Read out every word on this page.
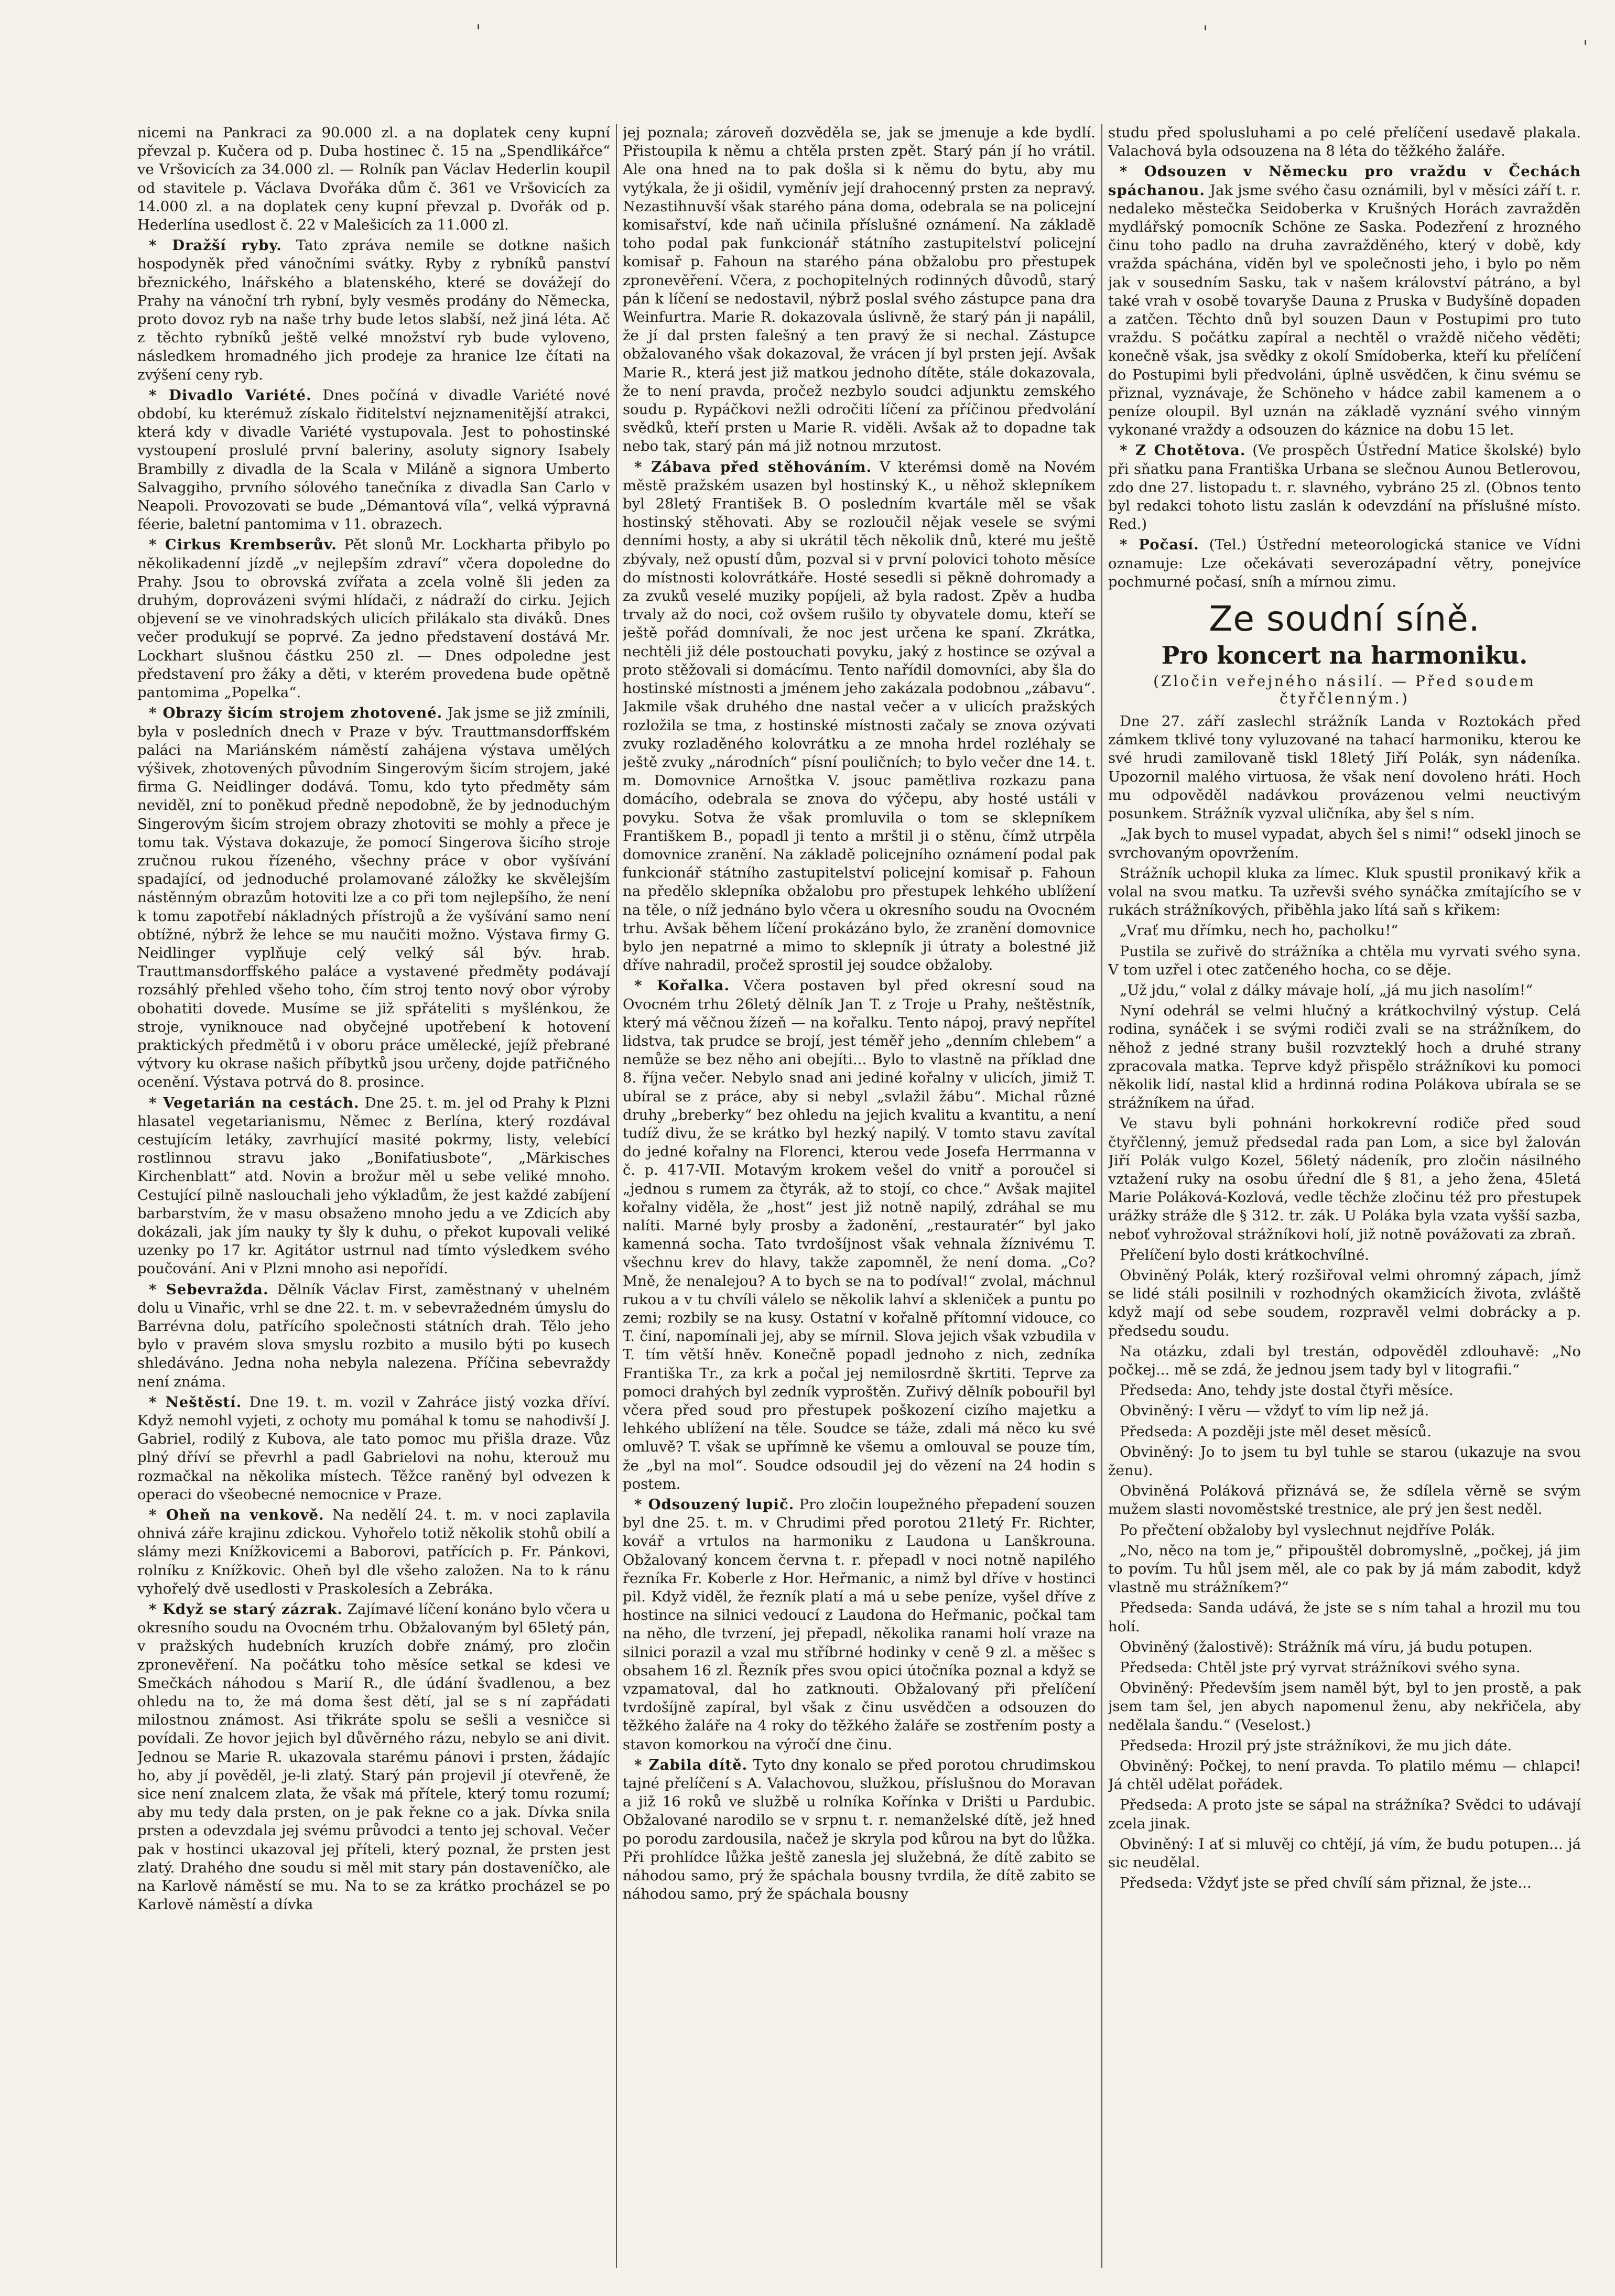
'	'
'

nicemi na Pankraci za 90.000 zl. a na doplatek ceny kupní převzal p. Kučera od p. Duba hostinec č. 15 na „Spendlikářce“ ve Vršovicích za 34.000 zl. — Rolník pan Václav Hederlin koupil od stavitele p. Václava Dvořáka dům č. 361 ve Vršovicích za 14.000 zl. a na doplatek ceny kupní převzal p. Dvořák od p. Hederlína usedlost č. 22 v Malešicích za 11.000 zl.

* Dražší ryby. Tato zpráva nemile se dotkne našich hospodyněk před vánočními svátky. Ryby z rybníků panství březnického, lnářského a blatenského, které se dovážejí do Prahy na vánoční trh rybní, byly vesměs prodány do Německa, proto dovoz ryb na naše trhy bude letos slabší, než jiná léta. Ač z těchto rybníků ještě velké množství ryb bude vyloveno, následkem hromadného jich prodeje za hranice lze čítati na zvýšení ceny ryb.

* Divadlo Variété. Dnes počíná v divadle Variété nové období, ku kterémuž získalo řiditelství nejznamenitější atrakci, která kdy v divadle Variété vystupovala. Jest to pohostinské vystoupení proslulé první baleriny, asoluty signory Isabely Brambilly z divadla de la Scala v Miláně a signora Umberto Salvaggiho, prvního sólového tanečníka z divadla San Carlo v Neapoli. Provozovati se bude „Démantová víla“, velká výpravná féerie, baletní pantomima v 11. obrazech.

* Cirkus Krembserův. Pět slonů Mr. Lockharta přibylo po několikadenní jízdě „v nejlepším zdraví“ včera dopoledne do Prahy. Jsou to obrovská zvířata a zcela volně šli jeden za druhým, doprovázeni svými hlídači, z nádraží do cirku. Jejich objevení se ve vinohradských ulicích přilákalo sta diváků. Dnes večer produkují se poprvé. Za jedno představení dostává Mr. Lockhart slušnou částku 250 zl. — Dnes odpoledne jest představení pro žáky a děti, v kterém provedena bude opětně pantomima „Popelka“.

* Obrazy šicím strojem zhotovené. Jak jsme se již zmínili, byla v posledních dnech v Praze v býv. Trauttmansdorffském paláci na Mariánském náměstí zahájena výstava umělých výšivek, zhotovených původním Singerovým šicím strojem, jaké firma G. Neidlinger dodává. Tomu, kdo tyto předměty sám neviděl, zní to poněkud předně nepodobně, že by jednoduchým Singerovým šicím strojem obrazy zhotoviti se mohly a přece je tomu tak. Výstava dokazuje, že pomocí Singerova šicího stroje zručnou rukou řízeného, všechny práce v obor vyšívání spadající, od jednoduché prolamované záložky ke skvělejším nástěnným obrazům hotoviti lze a co při tom nejlepšího, že není k tomu zapotřebí nákladných přístrojů a že vyšívání samo není obtížné, nýbrž že lehce se mu naučiti možno. Výstava firmy G. Neidlinger vyplňuje celý velký sál býv. hrab. Trauttmansdorffského paláce a vystavené předměty podávají rozsáhlý přehled všeho toho, čím stroj tento nový obor výroby obohatiti dovede. Musíme se již spřáteliti s myšlénkou, že stroje, vyniknouce nad obyčejné upotřebení k hotovení praktických předmětů i v oboru práce umělecké, jejíž přebrané výtvory ku okrase našich příbytků jsou určeny, dojde patřičného ocenění. Výstava potrvá do 8. prosince.

* Vegetarián na cestách. Dne 25. t. m. jel od Prahy k Plzni hlasatel vegetarianismu, Němec z Berlína, který rozdával cestujícím letáky, zavrhující masité pokrmy, listy, velebící rostlinnou stravu jako „Bonifatiusbote“, „Märkisches Kirchenblatt“ atd. Novin a brožur měl u sebe veliké mnoho. Cestující pilně naslouchali jeho výkladům, že jest každé zabíjení barbarstvím, že v masu obsaženo mnoho jedu a ve Zdicích aby dokázali, jak jím nauky ty šly k duhu, o překot kupovali veliké uzenky po 17 kr. Agitátor ustrnul nad tímto výsledkem svého poučování. Ani v Plzni mnoho asi nepořídí.

* Sebevražda. Dělník Václav First, zaměstnaný v uhelném dolu u Vinařic, vrhl se dne 22. t. m. v sebevražedném úmyslu do Barrévna dolu, patřícího společnosti státních drah. Tělo jeho bylo v pravém slova smyslu rozbito a musilo býti po kusech shledáváno. Jedna noha nebyla nalezena. Příčina sebevraždy není známa.

* Neštěstí. Dne 19. t. m. vozil v Zahráce jistý vozka dříví. Když nemohl vyjeti, z ochoty mu pomáhal k tomu se nahodivší J. Gabriel, rodilý z Kubova, ale tato pomoc mu přišla draze. Vůz plný dříví se převrhl a padl Gabrielovi na nohu, kterouž mu rozmačkal na několika místech. Těžce raněný byl odvezen k operaci do všeobecné nemocnice v Praze.

* Oheň na venkově. Na nedělí 24. t. m. v noci zaplavila ohnivá záře krajinu zdickou. Vyhořelo totiž několik stohů obilí a slámy mezi Knížkovicemi a Baborovi, patřících p. Fr. Pánkovi, rolníku z Knížkovic. Oheň byl dle všeho založen. Na to k ránu vyhořelý dvě usedlosti v Praskolesích a Zebráka.

* Když se starý zázrak. Zajímavé líčení konáno bylo včera u okresního soudu na Ovocném trhu. Obžalovaným byl 65letý pán, v pražských hudebních kruzích dobře známý, pro zločin zpronevěření. Na počátku toho měsíce setkal se kdesi ve Smečkách náhodou s Marií R., dle údání švadlenou, a bez ohledu na to, že má doma šest dětí, jal se s ní zapřádati milostnou známost. Asi třikráte spolu se sešli a vesničce si povídali. Ze hovor jejich byl důvěrného rázu, nebylo se ani divit. Jednou se Marie R. ukazovala starému pánovi i prsten, žádajíc ho, aby jí pověděl, je-li zlatý. Starý pán projevil jí otevřeně, že sice není znalcem zlata, že však má přítele, který tomu rozumí; aby mu tedy dala prsten, on je pak řekne co a jak. Dívka snila prsten a odevzdala jej svému průvodci a tento jej schoval. Večer pak v hostinci ukazoval jej příteli, který poznal, že prsten jest zlatý. Drahého dne soudu si měl mit stary pán dostaveníčko, ale na Karlově náměstí se mu. Na to se za krátko procházel se po Karlově náměstí a dívka

jej poznala; zároveň dozvěděla se, jak se jmenuje a kde bydlí. Přistoupila k němu a chtěla prsten zpět. Starý pán jí ho vrátil. Ale ona hned na to pak došla si k němu do bytu, aby mu vytýkala, že ji ošidil, vyměnív její drahocenný prsten za nepravý. Nezastihnuvší však starého pána doma, odebrala se na policejní komisařství, kde naň učinila příslušné oznámení. Na základě toho podal pak funkcionář státního zastupitelství policejní komisař p. Fahoun na starého pána obžalobu pro přestupek zpronevěření. Včera, z pochopitelných rodinných důvodů, starý pán k líčení se nedostavil, nýbrž poslal svého zástupce pana dra Weinfurtra. Marie R. dokazovala úslivně, že starý pán ji napálil, že jí dal prsten falešný a ten pravý že si nechal. Zástupce obžalovaného však dokazoval, že vrácen jí byl prsten její. Avšak Marie R., která jest již matkou jednoho dítěte, stále dokazovala, že to není pravda, pročež nezbylo soudci adjunktu zemského soudu p. Rypáčkovi nežli odročiti líčení za příčinou předvolání svědků, kteří prsten u Marie R. viděli. Avšak až to dopadne tak nebo tak, starý pán má již notnou mrzutost.

* Zábava před stěhováním. V kterémsi domě na Novém městě pražském usazen byl hostinský K., u něhož sklepníkem byl 28letý František B. O posledním kvartále měl se však hostinský stěhovati. Aby se rozloučil nějak vesele se svými denními hosty, a aby si ukrátil těch několik dnů, které mu ještě zbývaly, než opustí dům, pozval si v první polovici tohoto měsíce do místnosti kolovrátkáře. Hosté sesedli si pěkně dohromady a za zvuků veselé muziky popíjeli, až byla radost. Zpěv a hudba trvaly až do noci, což ovšem rušilo ty obyvatele domu, kteří se ještě pořád domnívali, že noc jest určena ke spaní. Zkrátka, nechtěli již déle postouchati povyku, jaký z hostince se ozýval a proto stěžovali si domácímu. Tento nařídil domovníci, aby šla do hostinské místnosti a jménem jeho zakázala podobnou „zábavu“. Jakmile však druhého dne nastal večer a v ulicích pražských rozložila se tma, z hostinské místnosti začaly se znova ozývati zvuky rozladěného kolovrátku a ze mnoha hrdel rozléhaly se ještě zvuky „národních“ písní pouličních; to bylo večer dne 14. t. m. Domovnice Arnoštka V. jsouc pamětliva rozkazu pana domácího, odebrala se znova do výčepu, aby hosté ustáli v povyku. Sotva že však promluvila o tom se sklepníkem Františkem B., popadl ji tento a mrštil ji o stěnu, čímž utrpěla domovnice zranění. Na základě policejního oznámení podal pak funkcionář státního zastupitelství policejní komisař p. Fahoun na předělo sklepníka obžalobu pro přestupek lehkého ublížení na těle, o níž jednáno bylo včera u okresního soudu na Ovocném trhu. Avšak během líčení prokázáno bylo, že zranění domovnice bylo jen nepatrné a mimo to sklepník ji útraty a bolestné již dříve nahradil, pročež sprostil jej soudce obžaloby.

* Kořalka. Včera postaven byl před okresní soud na Ovocném trhu 26letý dělník Jan T. z Troje u Prahy, neštěstník, který má věčnou žízeň — na kořalku. Tento nápoj, pravý nepřítel lidstva, tak prudce se brojí, jest téměř jeho „denním chlebem“ a nemůže se bez něho ani obejíti... Bylo to vlastně na příklad dne 8. října večer. Nebylo snad ani jediné kořalny v ulicích, jimiž T. ubíral se z práce, aby si nebyl „svlažil žábu“. Michal různé druhy „breberky“ bez ohledu na jejich kvalitu a kvantitu, a není tudíž divu, že se krátko byl hezký napilý. V tomto stavu zavítal do jedné kořalny na Florenci, kterou vede Josefa Herrmanna v č. p. 417-VII. Motavým krokem vešel do vnitř a poroučel si „jednou s rumem za čtyrák, až to stojí, co chce.“ Avšak majitel kořalny viděla, že „host“ jest již notně napilý, zdráhal se mu nalíti. Marné byly prosby a žadonění, „restauratér“ byl jako kamenná socha. Tato tvrdošíjnost však vehnala žíznivému T. všechnu krev do hlavy, takže zapomněl, že není doma. „Co? Mně, že nenalejou? A to bych se na to podíval!“ zvolal, máchnul rukou a v tu chvíli válelo se několik lahví a skleniček a puntu po zemi; rozbily se na kusy. Ostatní v kořalně přítomní vidouce, co T. činí, napomínali jej, aby se mírnil. Slova jejich však vzbudila v T. tím větší hněv. Konečně popadl jednoho z nich, zedníka Františka Tr., za krk a počal jej nemilosrdně škrtiti. Teprve za pomoci drahých byl zedník vyproštěn. Zuřivý dělník pobouřil byl včera před soud pro přestupek poškození cizího majetku a lehkého ublížení na těle. Soudce se táže, zdali má něco ku své omluvě? T. však se upřímně ke všemu a omlouval se pouze tím, že „byl na mol“. Soudce odsoudil jej do vězení na 24 hodin s postem.

* Odsouzený lupič. Pro zločin loupežného přepadení souzen byl dne 25. t. m. v Chrudimi před porotou 21letý Fr. Richter, kovář a vrtulos na harmoniku z Laudona u Lanškrouna. Obžalovaný koncem června t. r. přepadl v noci notně napilého řezníka Fr. Koberle z Hor. Heřmanic, a nimž byl dříve v hostinci pil. Když viděl, že řezník platí a má u sebe peníze, vyšel dříve z hostince na silnici vedoucí z Laudona do Heřmanic, počkal tam na něho, dle tvrzení, jej přepadl, několika ranami holí vraze na silnici porazil a vzal mu stříbrné hodinky v ceně 9 zl. a měšec s obsahem 16 zl. Řezník přes svou opici útočníka poznal a když se vzpamatoval, dal ho zatknouti. Obžalovaný při přelíčení tvrdošíjně zapíral, byl však z činu usvědčen a odsouzen do těžkého žaláře na 4 roky do těžkého žaláře se zostřením posty a stavon komorkou na výročí dne činu.

* Zabila dítě. Tyto dny konalo se před porotou chrudimskou tajné přelíčení s A. Valachovou, služkou, příslušnou do Moravan a již 16 roků ve službě u rolníka Kořínka v Drišti u Pardubic. Obžalované narodilo se v srpnu t. r. nemanželské dítě, jež hned po porodu zardousila, načež je skryla pod kůrou na byt do lůžka. Při prohlídce lůžka ještě zanesla jej služebná, že dítě zabito se náhodou samo, prý že spáchala bousny tvrdila, že dítě zabito se náhodou samo, prý že spáchala bousny

studu před spolusluhami a po celé přelíčení usedavě plakala. Valachová byla odsouzena na 8 léta do těžkého žaláře.

* Odsouzen v Německu pro vraždu v Čechách spáchanou. Jak jsme svého času oznámili, byl v měsíci září t. r. nedaleko městečka Seidoberka v Krušných Horách zavražděn mydlářský pomocník Schöne ze Saska. Podezření z hrozného činu toho padlo na druha zavražděného, který v době, kdy vražda spáchána, viděn byl ve společnosti jeho, i bylo po něm jak v sousedním Sasku, tak v našem království pátráno, a byl také vrah v osobě tovaryše Dauna z Pruska v Budyšíně dopaden a zatčen. Těchto dnů byl souzen Daun v Postupimi pro tuto vraždu. S počátku zapíral a nechtěl o vraždě ničeho věděti; konečně však, jsa svědky z okolí Smídoberka, kteří ku přelíčení do Postupimi byli předvoláni, úplně usvědčen, k činu svému se přiznal, vyznávaje, že Schöneho v hádce zabil kamenem a o peníze oloupil. Byl uznán na základě vyznání svého vinným vykonané vraždy a odsouzen do káznice na dobu 15 let.

* Z Chotětova. (Ve prospěch Ústřední Matice školské) bylo při sňatku pana Františka Urbana se slečnou Aunou Betlerovou, zdo dne 27. listopadu t. r. slavného, vybráno 25 zl. (Obnos tento byl redakci tohoto listu zaslán k odevzdání na příslušné místo. Red.)

* Počasí. (Tel.) Ústřední meteorologická stanice ve Vídni oznamuje: Lze očekávati severozápadní větry, ponejvíce pochmurné počasí, sníh a mírnou zimu.

Ze soudní síně.
Pro koncert na harmoniku.
(Zločin veřejného násilí. — Před soudem čtyřčlenným.)

Dne 27. září zaslechl strážník Landa v Roztokách před zámkem tklivé tony vyluzované na tahací harmoniku, kterou ke své hrudi zamilovaně tiskl 18letý Jiří Polák, syn nádeníka. Upozornil malého virtuosa, že však není dovoleno hráti. Hoch mu odpověděl nadávkou provázenou velmi neuctivým posunkem. Strážník vyzval uličníka, aby šel s ním.

„Jak bych to musel vypadat, abych šel s nimi!“ odsekl jinoch se svrchovaným opovržením.

Strážník uchopil kluka za límec. Kluk spustil pronikavý křik a volal na svou matku. Ta uzřevši svého synáčka zmítajícího se v rukách strážníkových, přiběhla jako lítá saň s křikem:

„Vrať mu dřímku, nech ho, pacholku!“

Pustila se zuřivě do strážníka a chtěla mu vyrvati svého syna. V tom uzřel i otec zatčeného hocha, co se děje.

„Už jdu,“ volal z dálky mávaje holí, „já mu jich nasolím!“

Nyní odehrál se velmi hlučný a krátkochvilný výstup. Celá rodina, synáček i se svými rodiči zvali se na strážníkem, do něhož z jedné strany bušil rozvzteklý hoch a druhé strany zpracovala matka. Teprve když přispělo strážníkovi ku pomoci několik lidí, nastal klid a hrdinná rodina Polákova ubírala se se strážníkem na úřad.

Ve stavu byli pohnáni horkokrevní rodiče před soud čtyřčlenný, jemuž předsedal rada pan Lom, a sice byl žalován Jiří Polák vulgo Kozel, 56letý nádeník, pro zločin násilného vztažení ruky na osobu úřední dle § 81, a jeho žena, 45letá Marie Poláková-Kozlová, vedle těchže zločinu též pro přestupek urážky stráže dle § 312. tr. zák. U Poláka byla vzata vyšší sazba, neboť vyhrožoval strážníkovi holí, již notně povážovati za zbraň.

Přelíčení bylo dosti krátkochvílné.

Obviněný Polák, který rozšiřoval velmi ohromný zápach, jímž se lidé stáli posilnili v rozhodných okamžicích života, zvláště když mají od sebe soudem, rozpravěl velmi dobrácky a p. předsedu soudu.

Na otázku, zdali byl trestán, odpověděl zdlouhavě: „No počkej... mě se zdá, že jednou jsem tady byl v litografii.“

Předseda: Ano, tehdy jste dostal čtyři měsíce.

Obviněný: I věru — vždyť to vím lip než já.

Předseda: A později jste měl deset měsíců.

Obviněný: Jo to jsem tu byl tuhle se starou (ukazuje na svou ženu).

Obviněná Poláková přiznává se, že sdílela věrně se svým mužem slasti novoměstské trestnice, ale prý jen šest neděl.

Po přečtení obžaloby byl vyslechnut nejdříve Polák.

„No, něco na tom je,“ připouštěl dobromyslně, „počkej, já jim to povím. Tu hůl jsem měl, ale co pak by já mám zabodit, když vlastně mu strážníkem?“

Předseda: Sanda udává, že jste se s ním tahal a hrozil mu tou holí.

Obviněný (žalostivě): Strážník má víru, já budu potupen.

Předseda: Chtěl jste prý vyrvat strážníkovi svého syna.

Obviněný: Především jsem naměl být, byl to jen prostě, a pak jsem tam šel, jen abych napomenul ženu, aby nekřičela, aby nedělala šandu.“ (Veselost.)

Předseda: Hrozil prý jste strážníkovi, že mu jich dáte.

Obviněný: Počkej, to není pravda. To platilo mému — chlapci! Já chtěl udělat pořádek.

Předseda: A proto jste se sápal na strážníka? Svědci to udávají zcela jinak.

Obviněný: I ať si mluvěj co chtějí, já vím, že budu potupen... já sic neudělal.

Předseda: Vždyť jste se před chvílí sám přiznal, že jste...
